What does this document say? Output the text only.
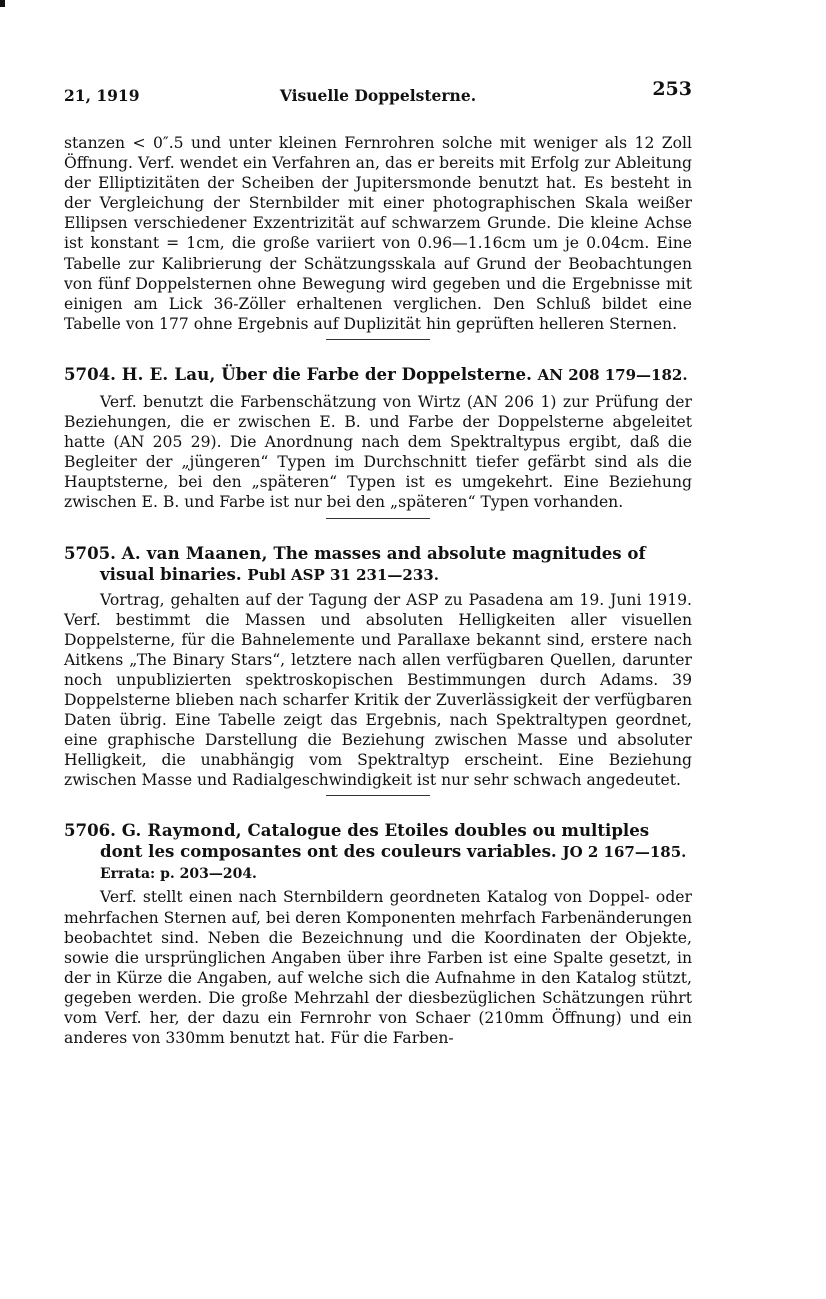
21, 1919	Visuelle Doppelsterne.	253

stanzen < 0″.5 und unter kleinen Fernrohren solche mit weniger als 12 Zoll Öffnung. Verf. wendet ein Verfahren an, das er bereits mit Erfolg zur Ableitung der Elliptizitäten der Scheiben der Jupitersmonde benutzt hat. Es besteht in der Vergleichung der Sternbilder mit einer photographischen Skala weißer Ellipsen verschiedener Exzentrizität auf schwarzem Grunde. Die kleine Achse ist konstant = 1cm, die große variiert von 0.96—1.16cm um je 0.04cm. Eine Tabelle zur Kalibrierung der Schätzungsskala auf Grund der Beobachtungen von fünf Doppelsternen ohne Bewegung wird gegeben und die Ergebnisse mit einigen am Lick 36-Zöller erhaltenen verglichen. Den Schluß bildet eine Tabelle von 177 ohne Ergebnis auf Duplizität hin geprüften helleren Sternen.

5704. H. E. Lau, Über die Farbe der Doppelsterne. AN 208 179—182.

Verf. benutzt die Farbenschätzung von Wirtz (AN 206 1) zur Prüfung der Beziehungen, die er zwischen E. B. und Farbe der Doppelsterne abgeleitet hatte (AN 205 29). Die Anordnung nach dem Spektraltypus ergibt, daß die Begleiter der „jüngeren“ Typen im Durchschnitt tiefer gefärbt sind als die Hauptsterne, bei den „späteren“ Typen ist es umgekehrt. Eine Beziehung zwischen E. B. und Farbe ist nur bei den „späteren“ Typen vorhanden.

5705. A. van Maanen, The masses and absolute magnitudes of visual binaries. Publ ASP 31 231—233.

Vortrag, gehalten auf der Tagung der ASP zu Pasadena am 19. Juni 1919. Verf. bestimmt die Massen und absoluten Helligkeiten aller visuellen Doppelsterne, für die Bahnelemente und Parallaxe bekannt sind, erstere nach Aitkens „The Binary Stars“, letztere nach allen verfügbaren Quellen, darunter noch unpublizierten spektroskopischen Bestimmungen durch Adams. 39 Doppelsterne blieben nach scharfer Kritik der Zuverlässigkeit der verfügbaren Daten übrig. Eine Tabelle zeigt das Ergebnis, nach Spektraltypen geordnet, eine graphische Darstellung die Beziehung zwischen Masse und absoluter Helligkeit, die unabhängig vom Spektraltyp erscheint. Eine Beziehung zwischen Masse und Radialgeschwindigkeit ist nur sehr schwach angedeutet.

5706. G. Raymond, Catalogue des Etoiles doubles ou multiples dont les composantes ont des couleurs variables. JO 2 167—185.

Errata: p. 203—204.

Verf. stellt einen nach Sternbildern geordneten Katalog von Doppel- oder mehrfachen Sternen auf, bei deren Komponenten mehrfach Farbenänderungen beobachtet sind. Neben die Bezeichnung und die Koordinaten der Objekte, sowie die ursprünglichen Angaben über ihre Farben ist eine Spalte gesetzt, in der in Kürze die Angaben, auf welche sich die Aufnahme in den Katalog stützt, gegeben werden. Die große Mehrzahl der diesbezüglichen Schätzungen rührt vom Verf. her, der dazu ein Fernrohr von Schaer (210mm Öffnung) und ein anderes von 330mm benutzt hat. Für die Farben-
